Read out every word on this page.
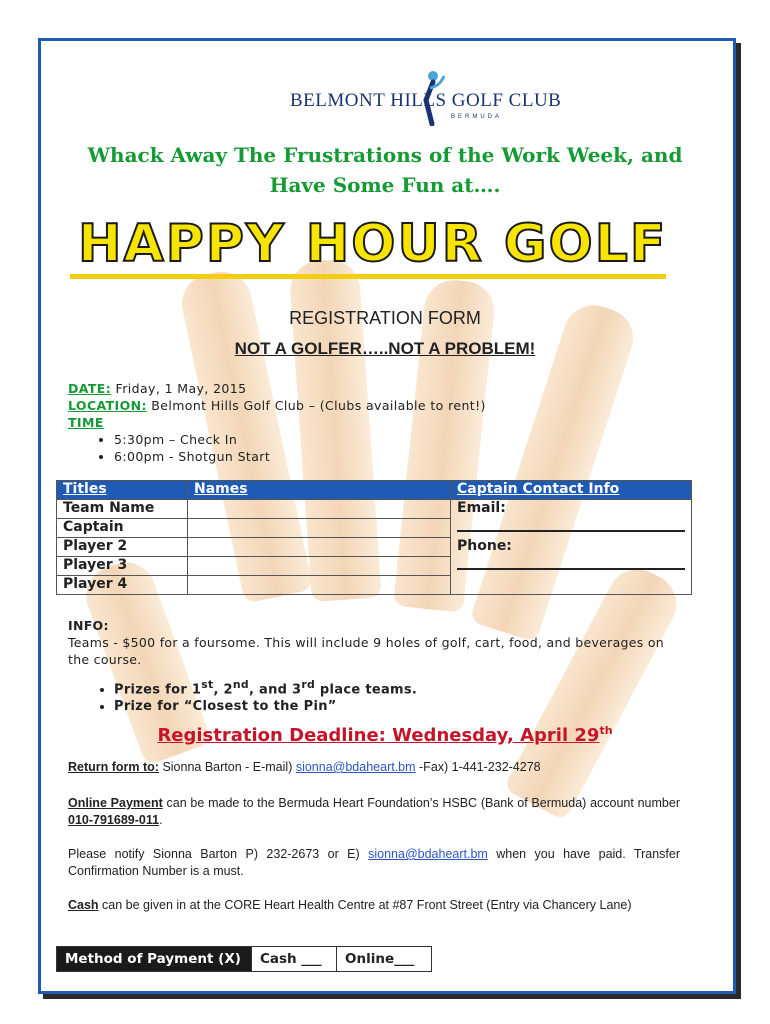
BELMONT HILLS GOLF CLUB
BERMUDA
Whack Away The Frustrations of the Work Week, and
Have Some Fun at….
HAPPY HOUR GOLF
REGISTRATION FORM
NOT A GOLFER…..NOT A PROBLEM!
DATE: Friday, 1 May, 2015
LOCATION: Belmont Hills Golf Club – (Clubs available to rent!)
TIME
• 5:30pm – Check In
• 6:00pm - Shotgun Start
Titles	Names	Captain Contact Info
Team Name		Email:
Phone:

Captain		
Player 2		
Player 3		
Player 4		
INFO:
Teams - $500 for a foursome. This will include 9 holes of golf, cart, food, and beverages on the course.
• Prizes for 1st, 2nd, and 3rd place teams.
• Prize for “Closest to the Pin”
Registration Deadline: Wednesday, April 29th
Return form to: Sionna Barton - E-mail) sionna@bdaheart.bm -Fax) 1-441-232-4278
Online Payment can be made to the Bermuda Heart Foundation’s HSBC (Bank of Bermuda) account number 010-791689-011.
Please notify Sionna Barton P) 232-2673 or E) sionna@bdaheart.bm when you have paid. Transfer Confirmation Number is a must.
Cash can be given in at the CORE Heart Health Centre at #87 Front Street (Entry via Chancery Lane)
Method of Payment (X)	Cash ___	Online___
